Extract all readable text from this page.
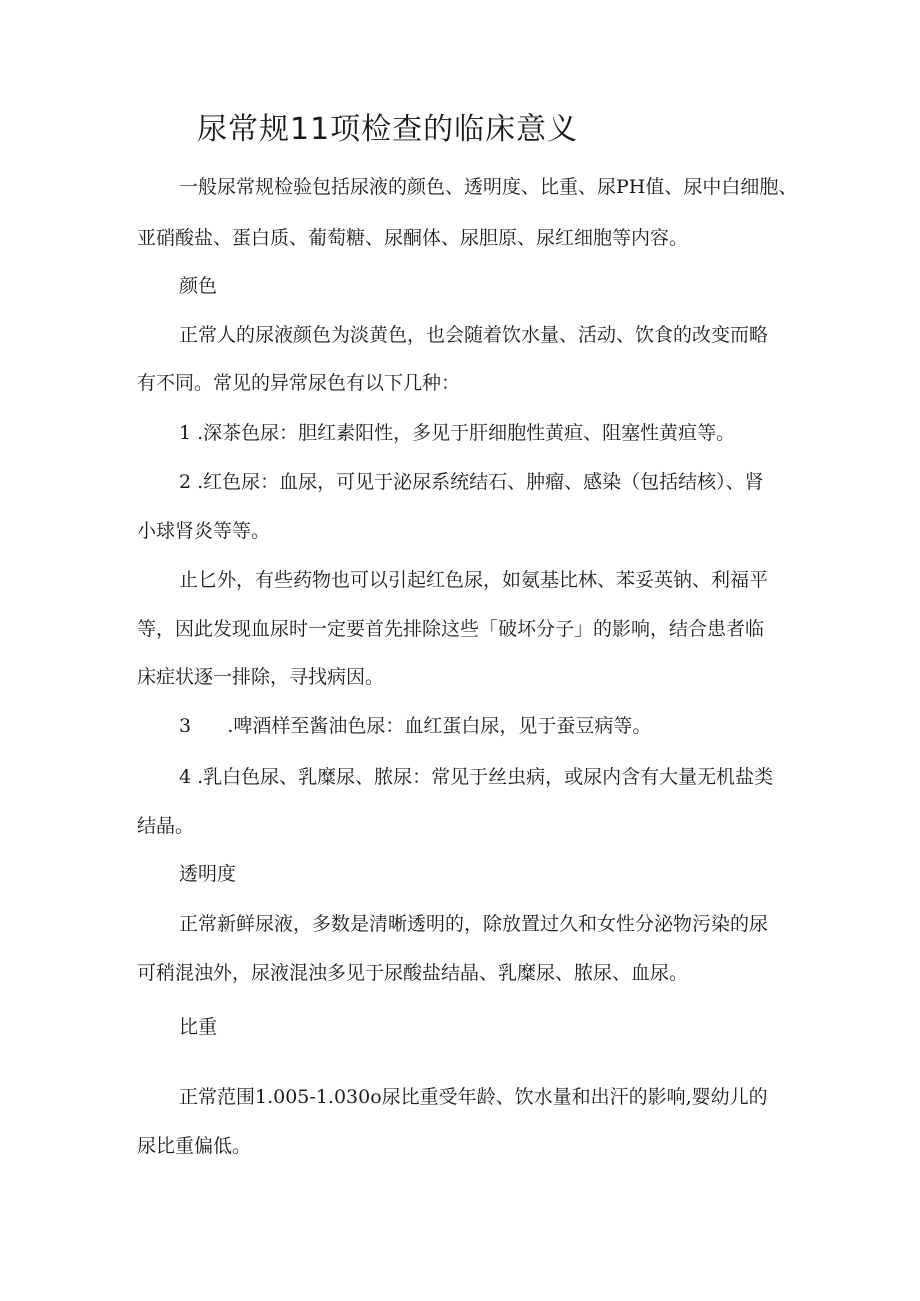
尿常规11项检查的临床意义

一般尿常规检验包括尿液的颜色、透明度、比重、尿PH值、尿中白细胞、

亚硝酸盐、蛋白质、葡萄糖、尿酮体、尿胆原、尿红细胞等内容。

颜色

正常人的尿液颜色为淡黄色，也会随着饮水量、活动、饮食的改变而略

有不同。常见的异常尿色有以下几种：

1 .深茶色尿：胆红素阳性，多见于肝细胞性黄疸、阻塞性黄疸等。

2 .红色尿：血尿，可见于泌尿系统结石、肿瘤、感染（包括结核）、肾

小球肾炎等等。

止匕外，有些药物也可以引起红色尿，如氨基比林、苯妥英钠、利福平

等，因此发现血尿时一定要首先排除这些「破坏分子」的影响，结合患者临

床症状逐一排除，寻找病因。

3      .啤酒样至酱油色尿：血红蛋白尿，见于蚕豆病等。

4 .乳白色尿、乳糜尿、脓尿：常见于丝虫病，或尿内含有大量无机盐类

结晶。

透明度

正常新鲜尿液，多数是清晰透明的，除放置过久和女性分泌物污染的尿

可稍混浊外，尿液混浊多见于尿酸盐结晶、乳糜尿、脓尿、血尿。

比重

正常范围1.005-1.030o尿比重受年龄、饮水量和出汗的影响,婴幼儿的

尿比重偏低。
